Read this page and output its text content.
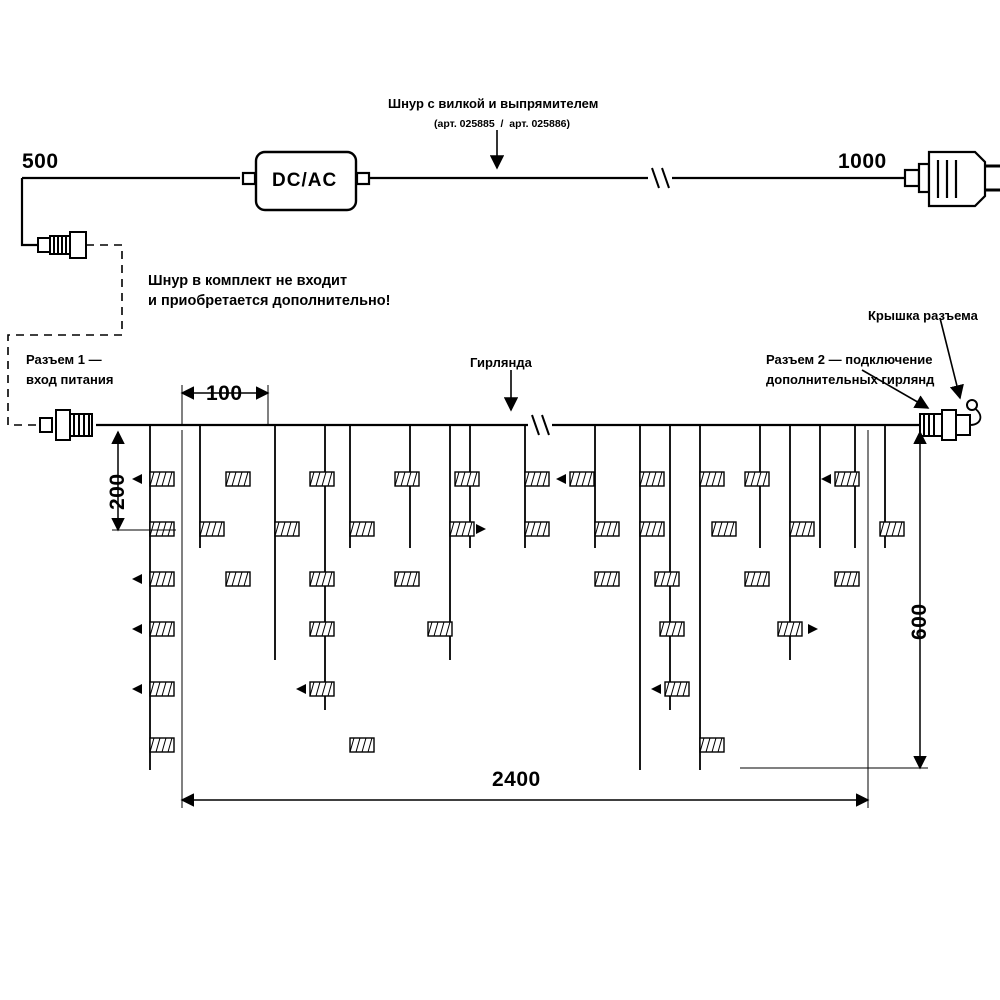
500	1000
DC/AC
Шнур с вилкой и выпрямителем
(арт. 025885  /  арт. 025886)
Шнур в комплект не входит
и приобретается дополнительно!
Разъем 1 —
вход питания
Гирлянда	Разъем 2 — подключение
дополнительных гирлянд
Крышка разъема
100
200
600
2400
